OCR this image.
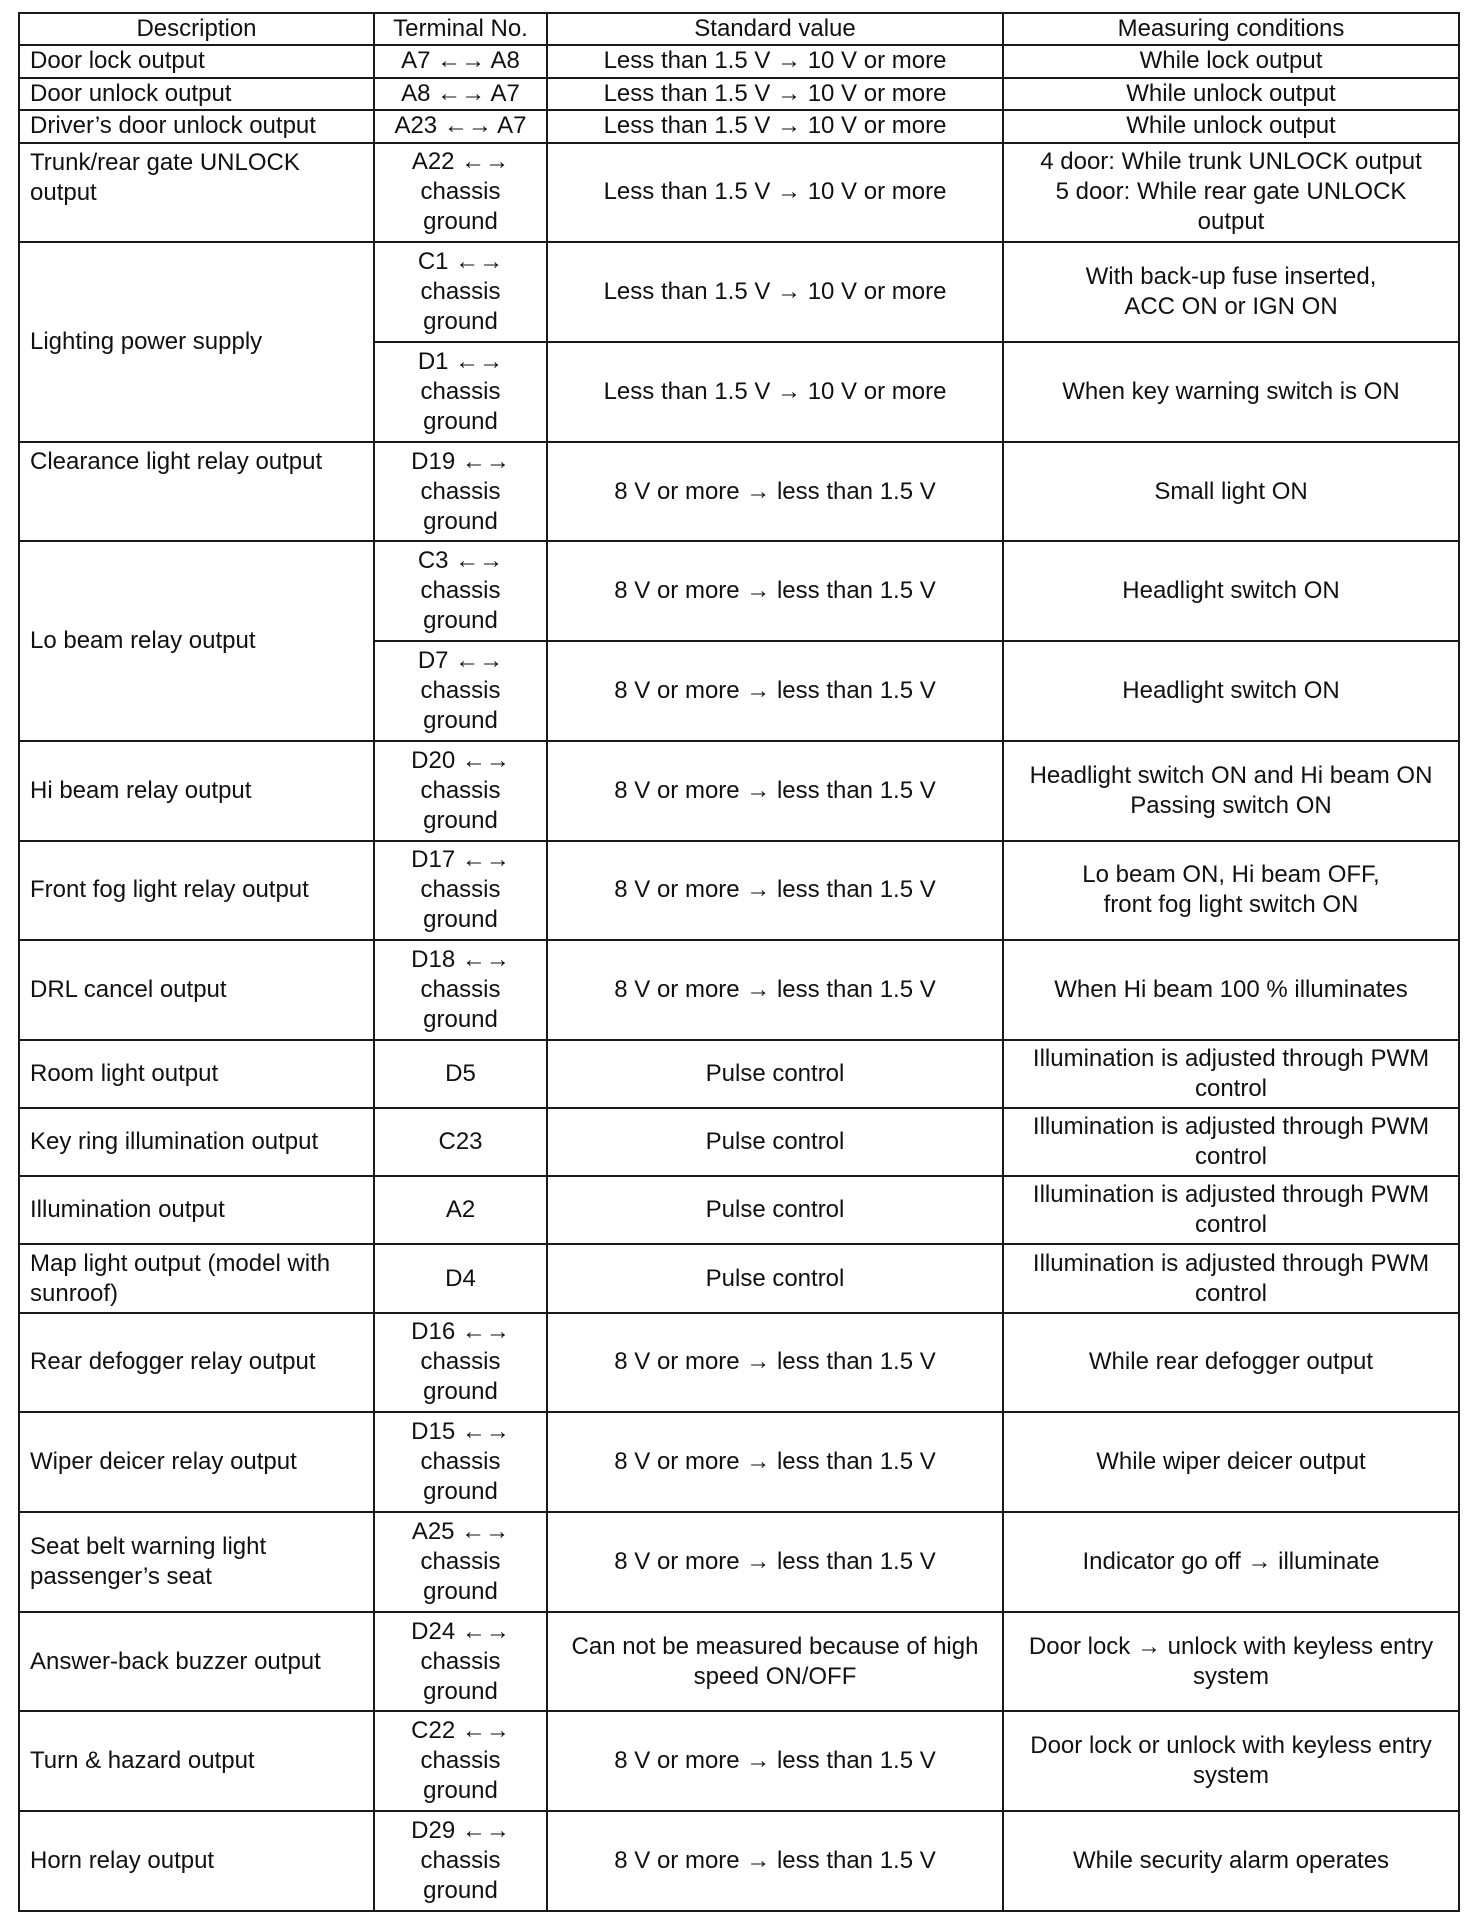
Description	Terminal No.	Standard value	Measuring conditions
Door lock output	A7 ←→ A8	Less than 1.5 V → 10 V or more	While lock output
Door unlock output	A8 ←→ A7	Less than 1.5 V → 10 V or more	While unlock output
Driver’s door unlock output	A23 ←→ A7	Less than 1.5 V → 10 V or more	While unlock output
Trunk/rear gate UNLOCK
output	A22 ←→
chassis
ground	Less than 1.5 V → 10 V or more	4 door: While trunk UNLOCK output
5 door: While rear gate UNLOCK
output
Lighting power supply	C1 ←→
chassis
ground	Less than 1.5 V → 10 V or more	With back-up fuse inserted,
ACC ON or IGN ON
	D1 ←→
chassis
ground	Less than 1.5 V → 10 V or more	When key warning switch is ON
Clearance light relay output	D19 ←→
chassis
ground	8 V or more → less than 1.5 V	Small light ON
Lo beam relay output	C3 ←→
chassis
ground	8 V or more → less than 1.5 V	Headlight switch ON
	D7 ←→
chassis
ground	8 V or more → less than 1.5 V	Headlight switch ON
Hi beam relay output	D20 ←→
chassis
ground	8 V or more → less than 1.5 V	Headlight switch ON and Hi beam ON
Passing switch ON
Front fog light relay output	D17 ←→
chassis
ground	8 V or more → less than 1.5 V	Lo beam ON, Hi beam OFF,
front fog light switch ON
DRL cancel output	D18 ←→
chassis
ground	8 V or more → less than 1.5 V	When Hi beam 100 % illuminates
Room light output	D5	Pulse control	Illumination is adjusted through PWM
control
Key ring illumination output	C23	Pulse control	Illumination is adjusted through PWM
control
Illumination output	A2	Pulse control	Illumination is adjusted through PWM
control
Map light output (model with
sunroof)	D4	Pulse control	Illumination is adjusted through PWM
control
Rear defogger relay output	D16 ←→
chassis
ground	8 V or more → less than 1.5 V	While rear defogger output
Wiper deicer relay output	D15 ←→
chassis
ground	8 V or more → less than 1.5 V	While wiper deicer output
Seat belt warning light
passenger’s seat	A25 ←→
chassis
ground	8 V or more → less than 1.5 V	Indicator go off → illuminate
Answer-back buzzer output	D24 ←→
chassis
ground	Can not be measured because of high
speed ON/OFF	Door lock → unlock with keyless entry
system
Turn & hazard output	C22 ←→
chassis
ground	8 V or more → less than 1.5 V	Door lock or unlock with keyless entry
system
Horn relay output	D29 ←→
chassis
ground	8 V or more → less than 1.5 V	While security alarm operates
